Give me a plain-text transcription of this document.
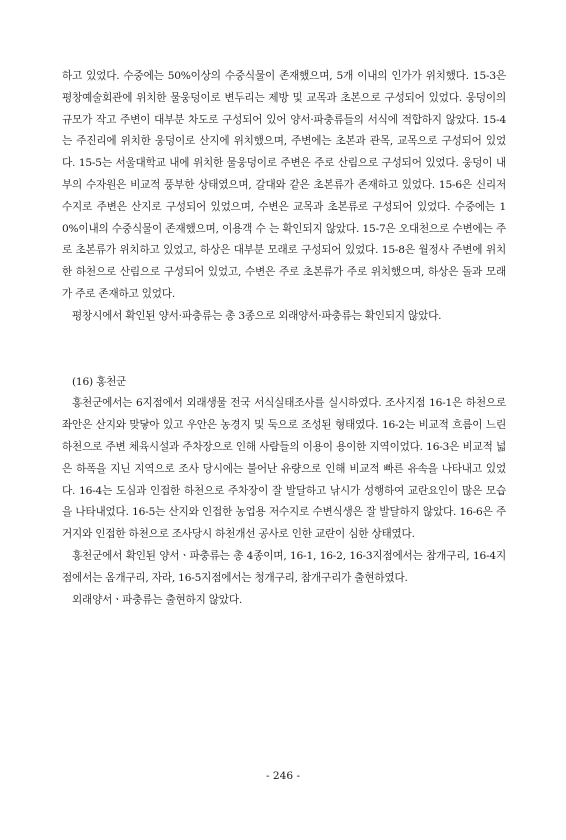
하고 있었다. 수중에는 50%이상의 수중식물이 존재했으며, 5개 이내의 인가가 위치했다. 15-3은 평창예술회관에 위치한 물웅덩이로 변두리는 제방 및 교목과 초본으로 구성되어 있었다. 웅덩이의 규모가 작고 주변이 대부분 차도로 구성되어 있어 양서·파충류들의 서식에 적합하지 않았다. 15-4는 주진리에 위치한 웅덩이로 산지에 위치했으며, 주변에는 초본과 관목, 교목으로 구성되어 있었다. 15-5는 서울대학교 내에 위치한 물웅덩이로 주변은 주로 산림으로 구성되어 있었다. 웅덩이 내부의 수자원은 비교적 풍부한 상태였으며, 갈대와 같은 초본류가 존재하고 있었다. 15-6은 신리저수지로 주변은 산지로 구성되어 있었으며, 수변은 교목과 초본류로 구성되어 있었다. 수중에는 10%이내의 수중식물이 존재했으며, 이용객 수 는 확인되지 않았다. 15-7은 오대천으로 수변에는 주로 초본류가 위치하고 있었고, 하상은 대부분 모래로 구성되어 있었다. 15-8은 월정사 주변에 위치한 하천으로 산림으로 구성되어 있었고, 수변은 주로 초본류가 주로 위치했으며, 하상은 돌과 모래가 주로 존재하고 있었다.

평창시에서 확인된 양서·파충류는 총 3종으로 외래양서·파충류는 확인되지 않았다.

(16) 홍천군

홍천군에서는 6지점에서 외래생물 전국 서식실태조사를 실시하였다. 조사지점 16-1은 하천으로 좌안은 산지와 맞닿아 있고 우안은 농경지 및 둑으로 조성된 형태였다. 16-2는 비교적 흐름이 느린 하천으로 주변 체육시설과 주차장으로 인해 사람들의 이용이 용이한 지역이었다. 16-3은 비교적 넓은 하폭을 지닌 지역으로 조사 당시에는 불어난 유량으로 인해 비교적 빠른 유속을 나타내고 있었다. 16-4는 도심과 인접한 하천으로 주차장이 잘 발달하고 낚시가 성행하여 교란요인이 많은 모습을 나타내었다. 16-5는 산지와 인접한 농업용 저수지로 수변식생은 잘 발달하지 않았다. 16-6은 주거지와 인접한 하천으로 조사당시 하천개선 공사로 인한 교란이 심한 상태였다.

홍천군에서 확인된 양서ㆍ파충류는 총 4종이며, 16-1, 16-2, 16-3지점에서는 참개구리, 16-4지점에서는 옴개구리, 자라, 16-5지점에서는 청개구리, 참개구리가 출현하였다.

외래양서ㆍ파충류는 출현하지 않았다.

- 246 -
